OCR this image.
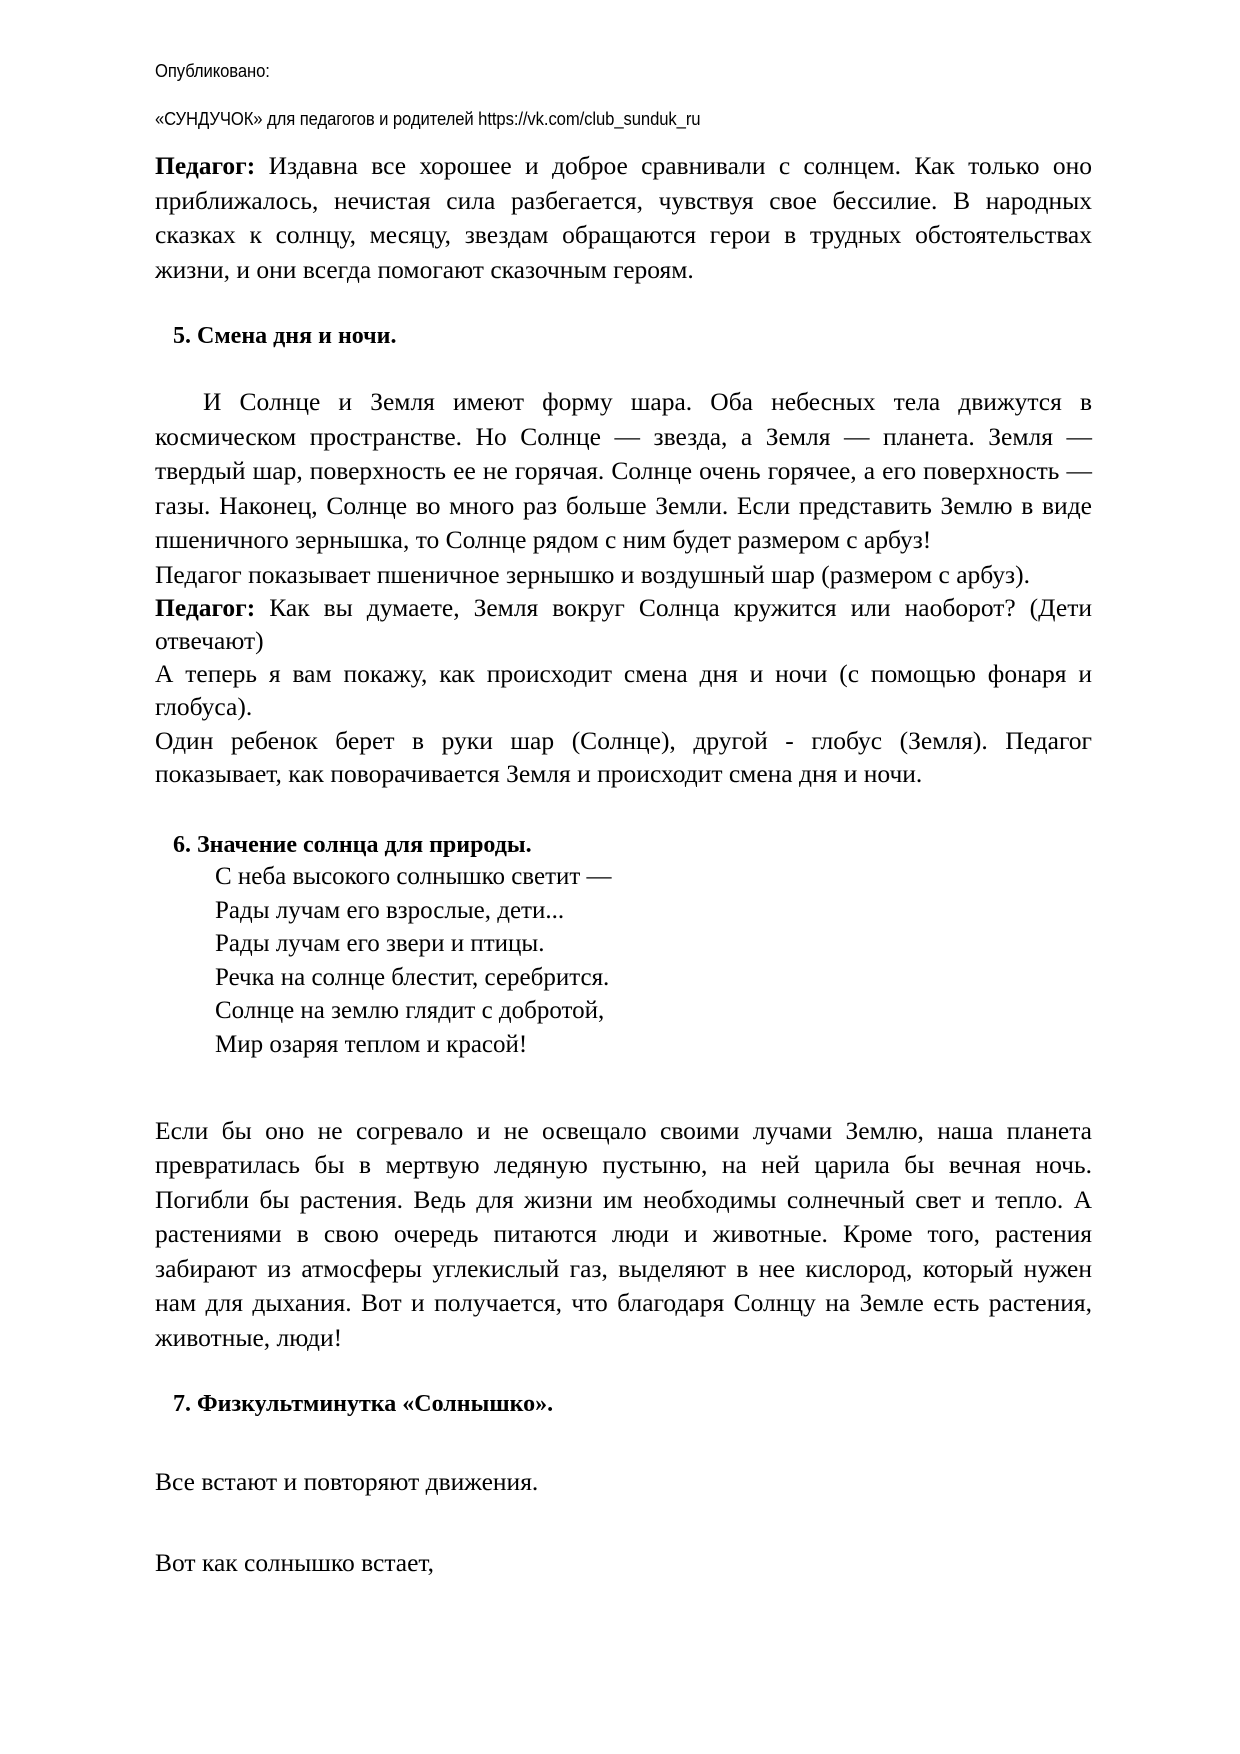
Опубликовано:
«СУНДУЧОК» для педагогов и родителей https://vk.com/club_sunduk_ru

Педагог: Издавна все хорошее и доброе сравнивали с солнцем. Как только оно приближалось, нечистая сила разбегается, чувствуя свое бессилие. В народных сказках к солнцу, месяцу, звездам обращаются герои в трудных обстоятельствах жизни, и они всегда помогают сказочным героям.

5. Смена дня и ночи.

И Солнце и Земля имеют форму шара. Оба небесных тела движутся в космическом пространстве. Но Солнце — звезда, а Земля — планета. Земля — твердый шар, поверхность ее не горячая. Солнце очень горячее, а его поверхность — газы. Наконец, Солнце во много раз больше Земли. Если представить Землю в виде пшеничного зернышка, то Солнце рядом с ним будет размером с арбуз!

Педагог показывает пшеничное зернышко и воздушный шар (размером с арбуз).

Педагог: Как вы думаете, Земля вокруг Солнца кружится или наоборот? (Дети отвечают)

А теперь я вам покажу, как происходит смена дня и ночи (с помощью фонаря и глобуса).

Один ребенок берет в руки шар (Солнце), другой - глобус (Земля). Педагог показывает, как поворачивается Земля и происходит смена дня и ночи.

6. Значение солнца для природы.
С неба высокого солнышко светит —
Рады лучам его взрослые, дети...
Рады лучам его звери и птицы.
Речка на солнце блестит, серебрится.
Солнце на землю глядит с добротой,
Мир озаряя теплом и красой!

Если бы оно не согревало и не освещало своими лучами Землю, наша планета превратилась бы в мертвую ледяную пустыню, на ней царила бы вечная ночь. Погибли бы растения. Ведь для жизни им необходимы солнечный свет и тепло. А растениями в свою очередь питаются люди и животные. Кроме того, растения забирают из атмосферы углекислый газ, выделяют в нее кислород, который нужен нам для дыхания. Вот и получается, что благодаря Солнцу на Земле есть растения, животные, люди!

7. Физкультминутка «Солнышко».

Все встают и повторяют движения.

Вот как солнышко встает,
